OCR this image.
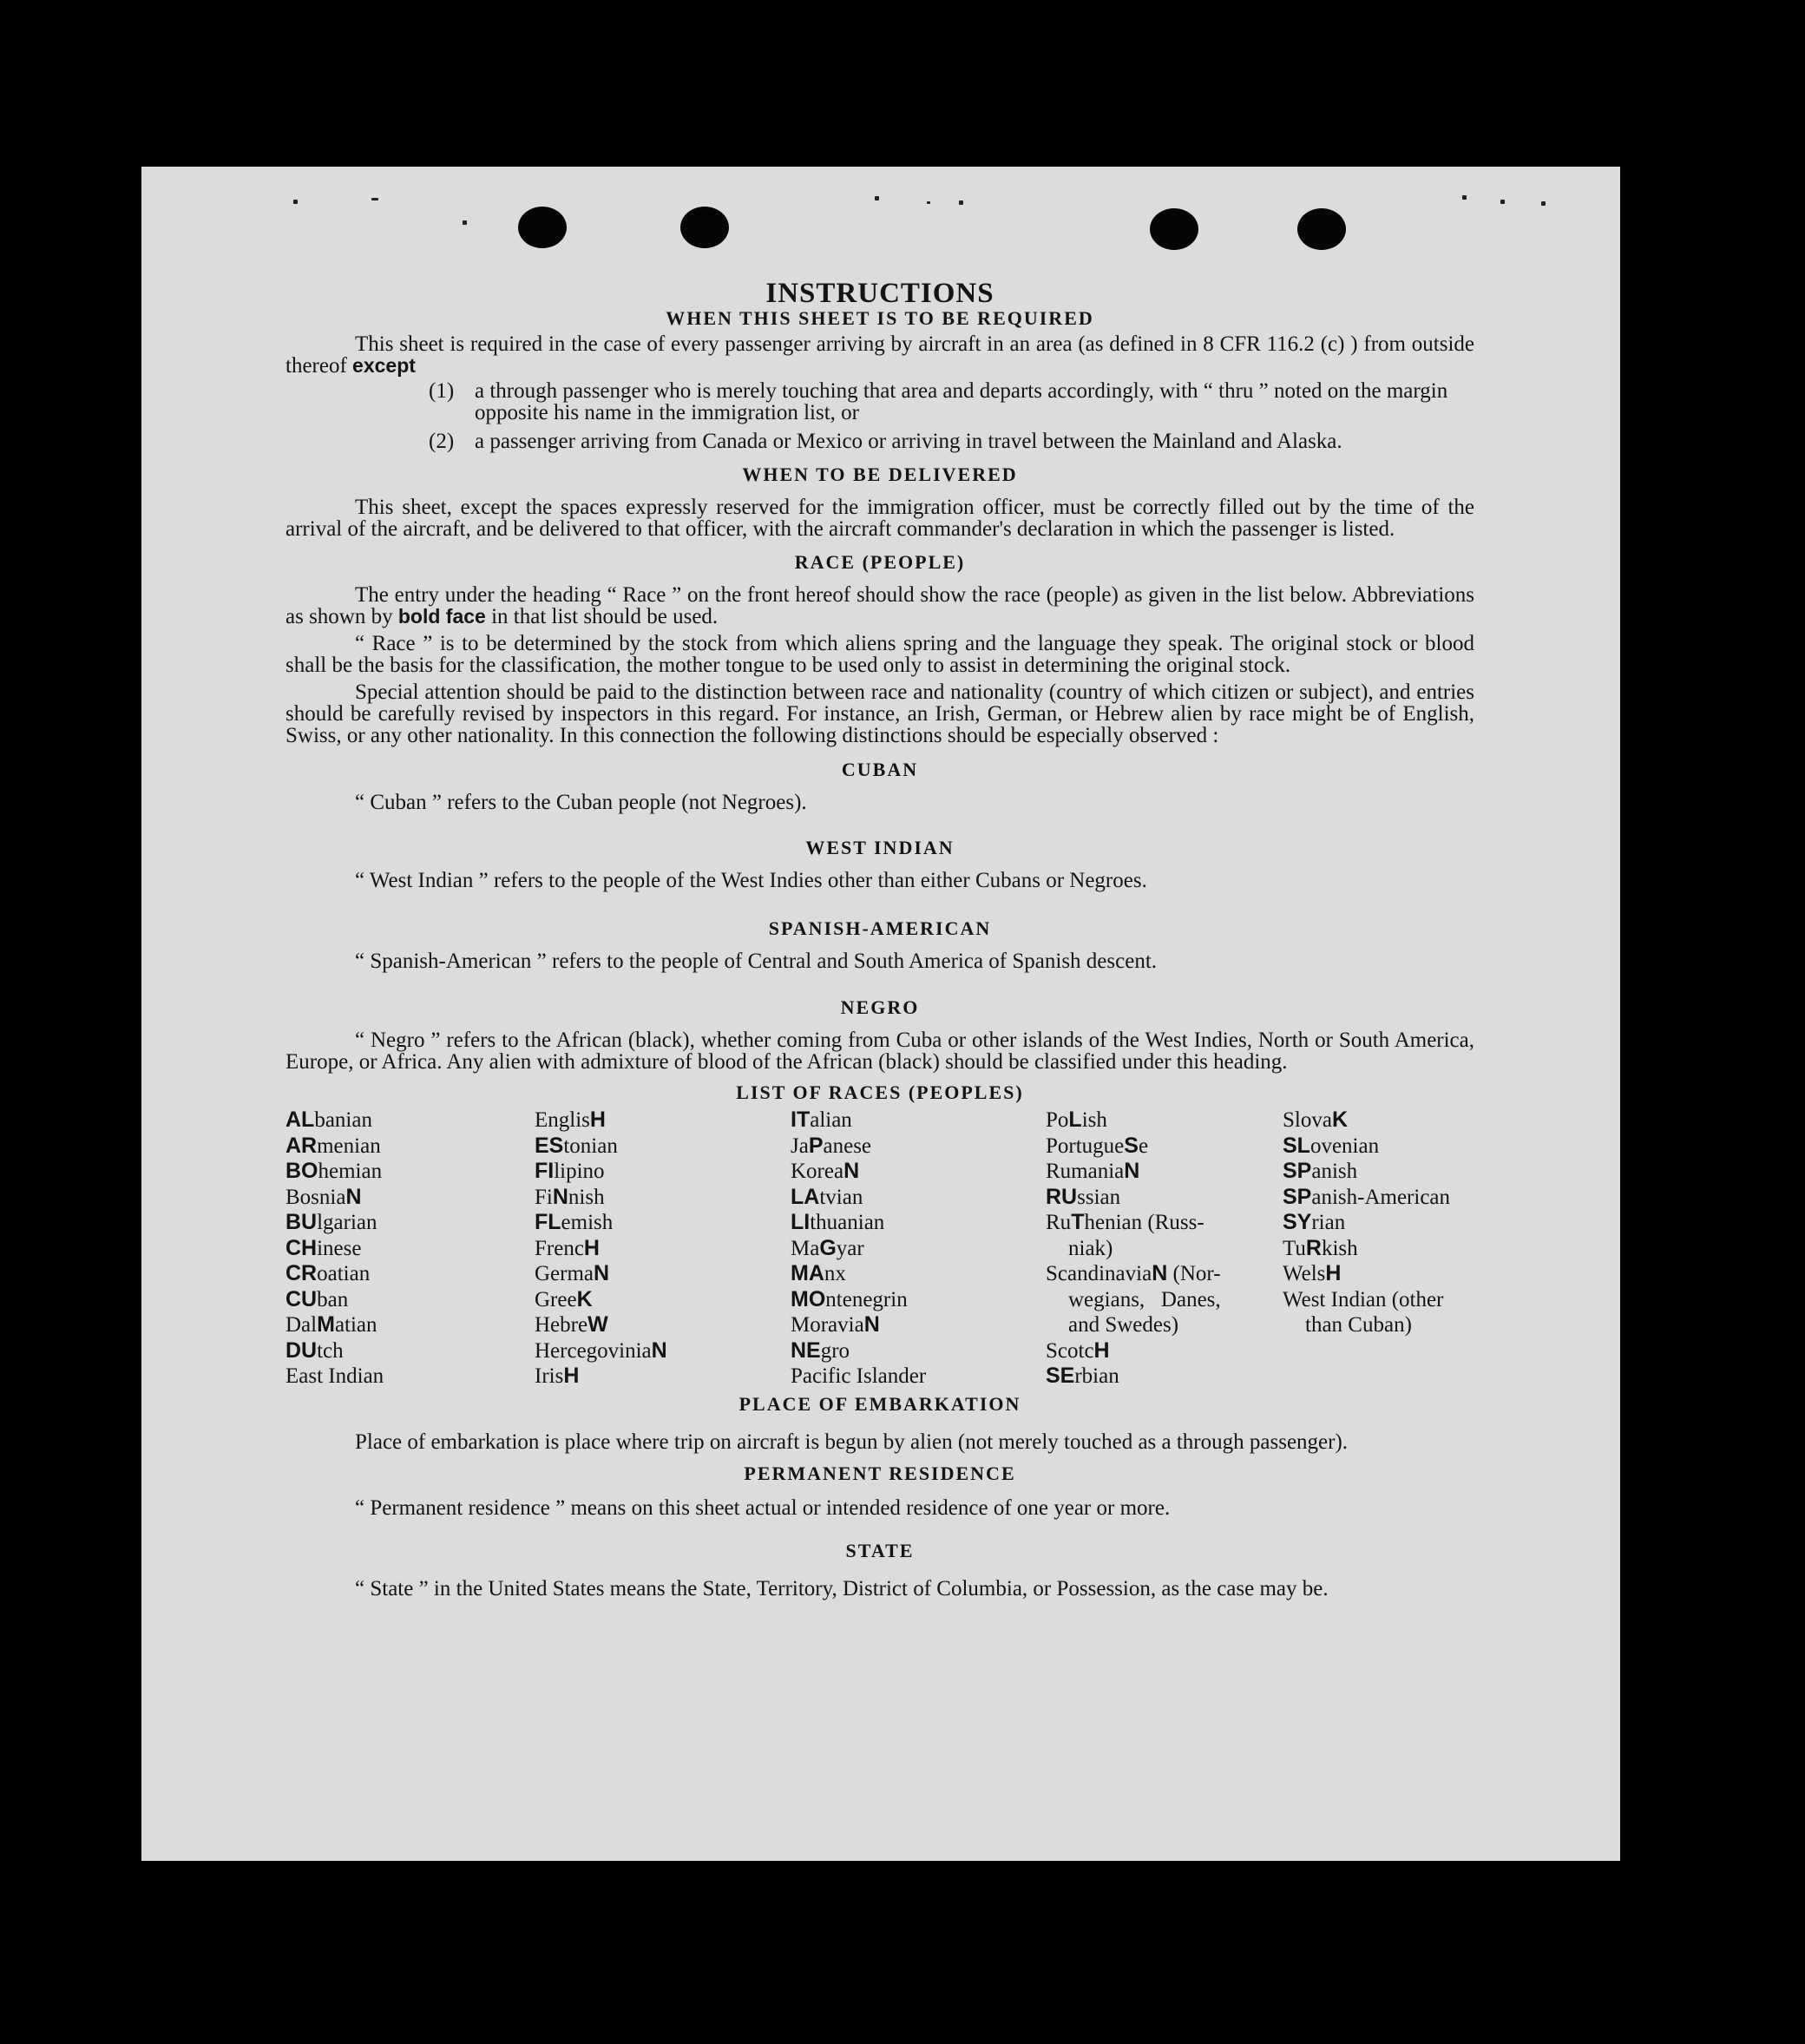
INSTRUCTIONS
WHEN THIS SHEET IS TO BE REQUIRED

This sheet is required in the case of every passenger arriving by aircraft in an area (as defined in 8 CFR 116.2 (c) ) from outside thereof except

(1) a through passenger who is merely touching that area and departs accordingly, with “ thru ” noted on the margin opposite his name in the immigration list, or
(2) a passenger arriving from Canada or Mexico or arriving in travel between the Mainland and Alaska.
WHEN TO BE DELIVERED

This sheet, except the spaces expressly reserved for the immigration officer, must be correctly filled out by the time of the arrival of the aircraft, and be delivered to that officer, with the aircraft commander's declaration in which the passenger is listed.

RACE (PEOPLE)

The entry under the heading “ Race ” on the front hereof should show the race (people) as given in the list below. Abbreviations as shown by bold face in that list should be used.

“ Race ” is to be determined by the stock from which aliens spring and the language they speak. The original stock or blood shall be the basis for the classification, the mother tongue to be used only to assist in determining the original stock.

Special attention should be paid to the distinction between race and nationality (country of which citizen or subject), and entries should be carefully revised by inspectors in this regard. For instance, an Irish, German, or Hebrew alien by race might be of English, Swiss, or any other nationality. In this connection the following distinctions should be especially observed :

CUBAN

“ Cuban ” refers to the Cuban people (not Negroes).

WEST INDIAN

“ West Indian ” refers to the people of the West Indies other than either Cubans or Negroes.

SPANISH-AMERICAN

“ Spanish-American ” refers to the people of Central and South America of Spanish descent.

NEGRO

“ Negro ” refers to the African (black), whether coming from Cuba or other islands of the West Indies, North or South America, Europe, or Africa. Any alien with admixture of blood of the African (black) should be classified under this heading.

LIST OF RACES (PEOPLES)
ALbanian
ARmenian
BOhemian
BosniaN
BUlgarian
CHinese
CRoatian
CUban
DalMatian
DUtch
East Indian
EnglisH
EStonian
FIlipino
FiNnish
FLemish
FrencH
GermaN
GreeK
HebreW
HercegoviniaN
IrisH
ITalian
JaPanese
KoreaN
LAtvian
LIthuanian
MaGyar
MAnx
MOntenegrin
MoraviaN
NEgro
Pacific Islander
PoLish
PortugueSe
RumaniaN
RUssian
RuThenian (Russ-
niak)
ScandinaviaN (Nor-
wegians,   Danes,
and Swedes)
ScotcH
SErbian
SlovaK
SLovenian
SPanish
SPanish-American
SYrian
TuRkish
WelsH
West Indian (other
than Cuban)
PLACE OF EMBARKATION

Place of embarkation is place where trip on aircraft is begun by alien (not merely touched as a through passenger).

PERMANENT RESIDENCE

“ Permanent residence ” means on this sheet actual or intended residence of one year or more.

STATE

“ State ” in the United States means the State, Territory, District of Columbia, or Possession, as the case may be.
